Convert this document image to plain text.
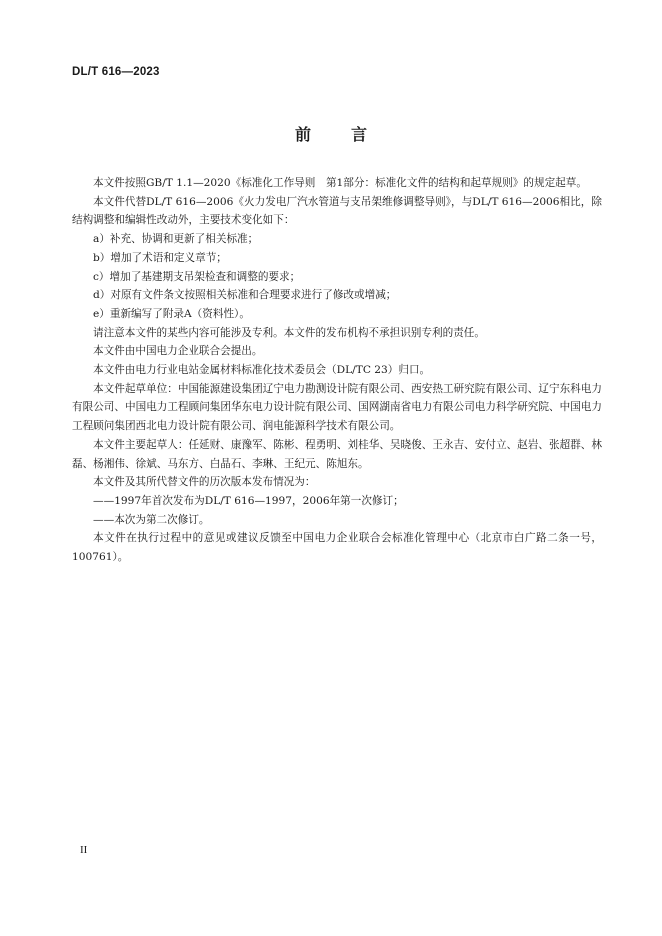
DL/T 616—2023
前言

本文件按照GB/T 1.1—2020《标准化工作导则　第1部分：标准化文件的结构和起草规则》的规定起草。

本文件代替DL/T 616—2006《火力发电厂汽水管道与支吊架维修调整导则》，与DL/T 616—2006相比，除结构调整和编辑性改动外，主要技术变化如下：

a）补充、协调和更新了相关标准；

b）增加了术语和定义章节；

c）增加了基建期支吊架检查和调整的要求；

d）对原有文件条文按照相关标准和合理要求进行了修改或增减；

e）重新编写了附录A（资料性）。

请注意本文件的某些内容可能涉及专利。本文件的发布机构不承担识别专利的责任。

本文件由中国电力企业联合会提出。

本文件由电力行业电站金属材料标准化技术委员会（DL/TC 23）归口。

本文件起草单位：中国能源建设集团辽宁电力勘测设计院有限公司、西安热工研究院有限公司、辽宁东科电力有限公司、中国电力工程顾问集团华东电力设计院有限公司、国网湖南省电力有限公司电力科学研究院、中国电力工程顾问集团西北电力设计院有限公司、润电能源科学技术有限公司。

本文件主要起草人：任延财、康豫军、陈彬、程勇明、刘桂华、吴晓俊、王永吉、安付立、赵岩、张超群、林磊、杨湘伟、徐斌、马东方、白晶石、李琳、王纪元、陈旭东。

本文件及其所代替文件的历次版本发布情况为：

——1997年首次发布为DL/T 616—1997，2006年第一次修订；

——本次为第二次修订。

本文件在执行过程中的意见或建议反馈至中国电力企业联合会标准化管理中心（北京市白广路二条一号，100761）。

II
